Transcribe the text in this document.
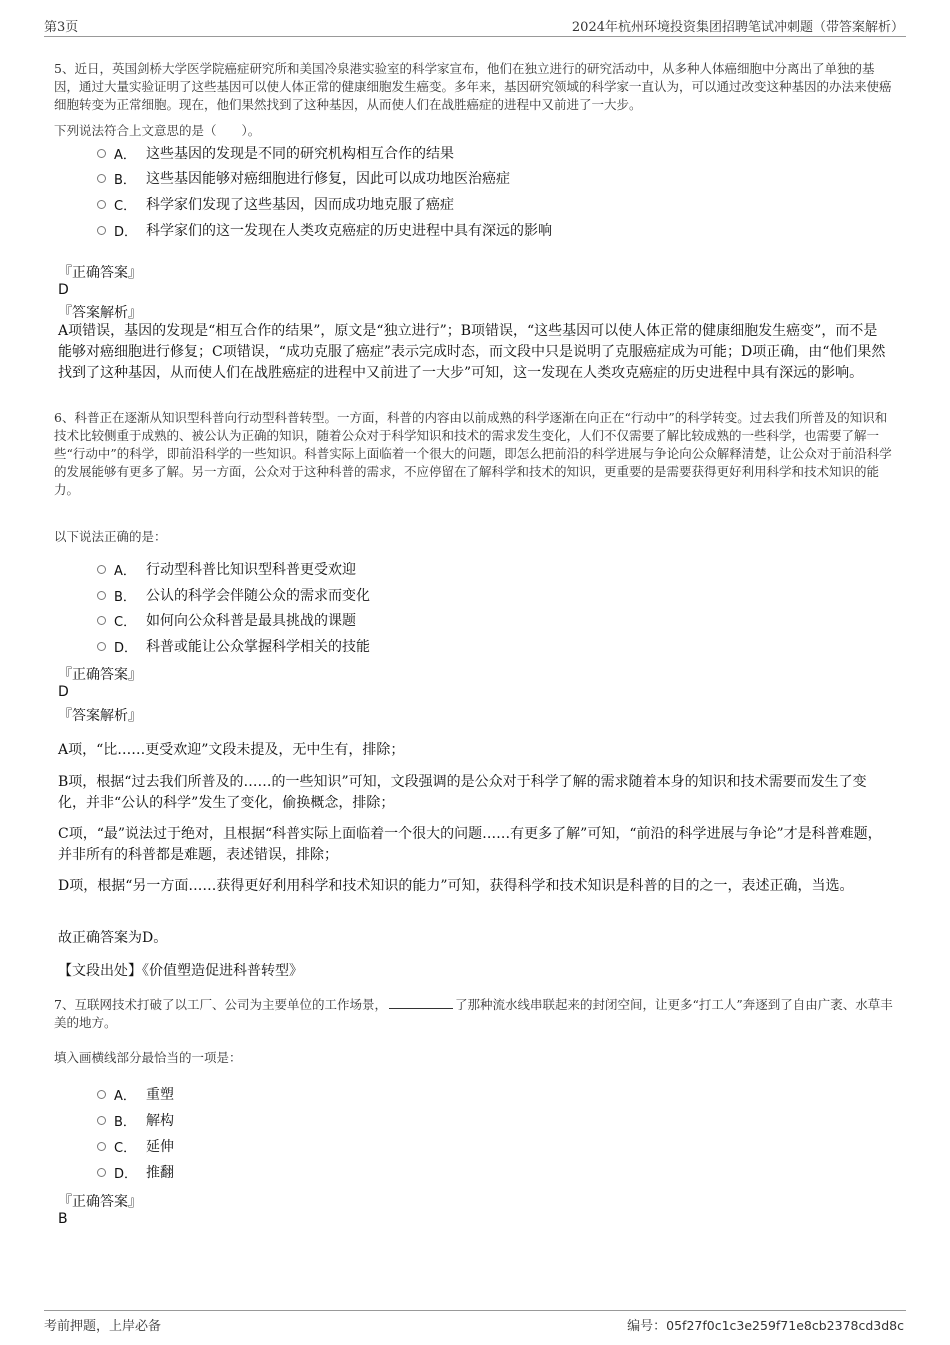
第3页	2024年杭州环境投资集团招聘笔试冲刺题（带答案解析）

5、近日，英国剑桥大学医学院癌症研究所和美国冷泉港实验室的科学家宣布，他们在独立进行的研究活动中，从多种人体癌细胞中分离出了单独的基因，通过大量实验证明了这些基因可以使人体正常的健康细胞发生癌变。多年来，基因研究领域的科学家一直认为，可以通过改变这种基因的办法来使癌细胞转变为正常细胞。现在，他们果然找到了这种基因，从而使人们在战胜癌症的进程中又前进了一大步。

下列说法符合上文意思的是（　　）。
A． 这些基因的发现是不同的研究机构相互合作的结果
B． 这些基因能够对癌细胞进行修复，因此可以成功地医治癌症
C． 科学家们发现了这些基因，因而成功地克服了癌症
D． 科学家们的这一发现在人类攻克癌症的历史进程中具有深远的影响
『正确答案』
D
『答案解析』

A项错误，基因的发现是“相互合作的结果”，原文是“独立进行”；B项错误，“这些基因可以使人体正常的健康细胞发生癌变”，而不是能够对癌细胞进行修复；C项错误，“成功克服了癌症”表示完成时态，而文段中只是说明了克服癌症成为可能；D项正确，由“他们果然找到了这种基因，从而使人们在战胜癌症的进程中又前进了一大步”可知，这一发现在人类攻克癌症的历史进程中具有深远的影响。

6、科普正在逐渐从知识型科普向行动型科普转型。一方面，科普的内容由以前成熟的科学逐渐在向正在“行动中”的科学转变。过去我们所普及的知识和技术比较侧重于成熟的、被公认为正确的知识，随着公众对于科学知识和技术的需求发生变化，人们不仅需要了解比较成熟的一些科学，也需要了解一些“行动中”的科学，即前沿科学的一些知识。科普实际上面临着一个很大的问题，即怎么把前沿的科学进展与争论向公众解释清楚，让公众对于前沿科学的发展能够有更多了解。另一方面，公众对于这种科普的需求，不应停留在了解科学和技术的知识，更重要的是需要获得更好利用科学和技术知识的能力。

以下说法正确的是：
A． 行动型科普比知识型科普更受欢迎
B． 公认的科学会伴随公众的需求而变化
C． 如何向公众科普是最具挑战的课题
D． 科普或能让公众掌握科学相关的技能
『正确答案』
D
『答案解析』

A项，“比……更受欢迎”文段未提及，无中生有，排除；

B项，根据“过去我们所普及的……的一些知识”可知，文段强调的是公众对于科学了解的需求随着本身的知识和技术需要而发生了变化，并非“公认的科学”发生了变化，偷换概念，排除；

C项，“最”说法过于绝对，且根据“科普实际上面临着一个很大的问题……有更多了解”可知，“前沿的科学进展与争论”才是科普难题，并非所有的科普都是难题，表述错误，排除；

D项，根据“另一方面……获得更好利用科学和技术知识的能力”可知，获得科学和技术知识是科普的目的之一，表述正确，当选。

故正确答案为D。

【文段出处】《价值塑造促进科普转型》

7、互联网技术打破了以工厂、公司为主要单位的工作场景，	了那种流水线串联起来的封闭空间，让更多“打工人”奔逐到了自由广袤、水草丰美的地方。

填入画横线部分最恰当的一项是：
A． 重塑
B． 解构
C． 延伸
D． 推翻
『正确答案』
B
考前押题，上岸必备	编号：05f27f0c1c3e259f71e8cb2378cd3d8c
